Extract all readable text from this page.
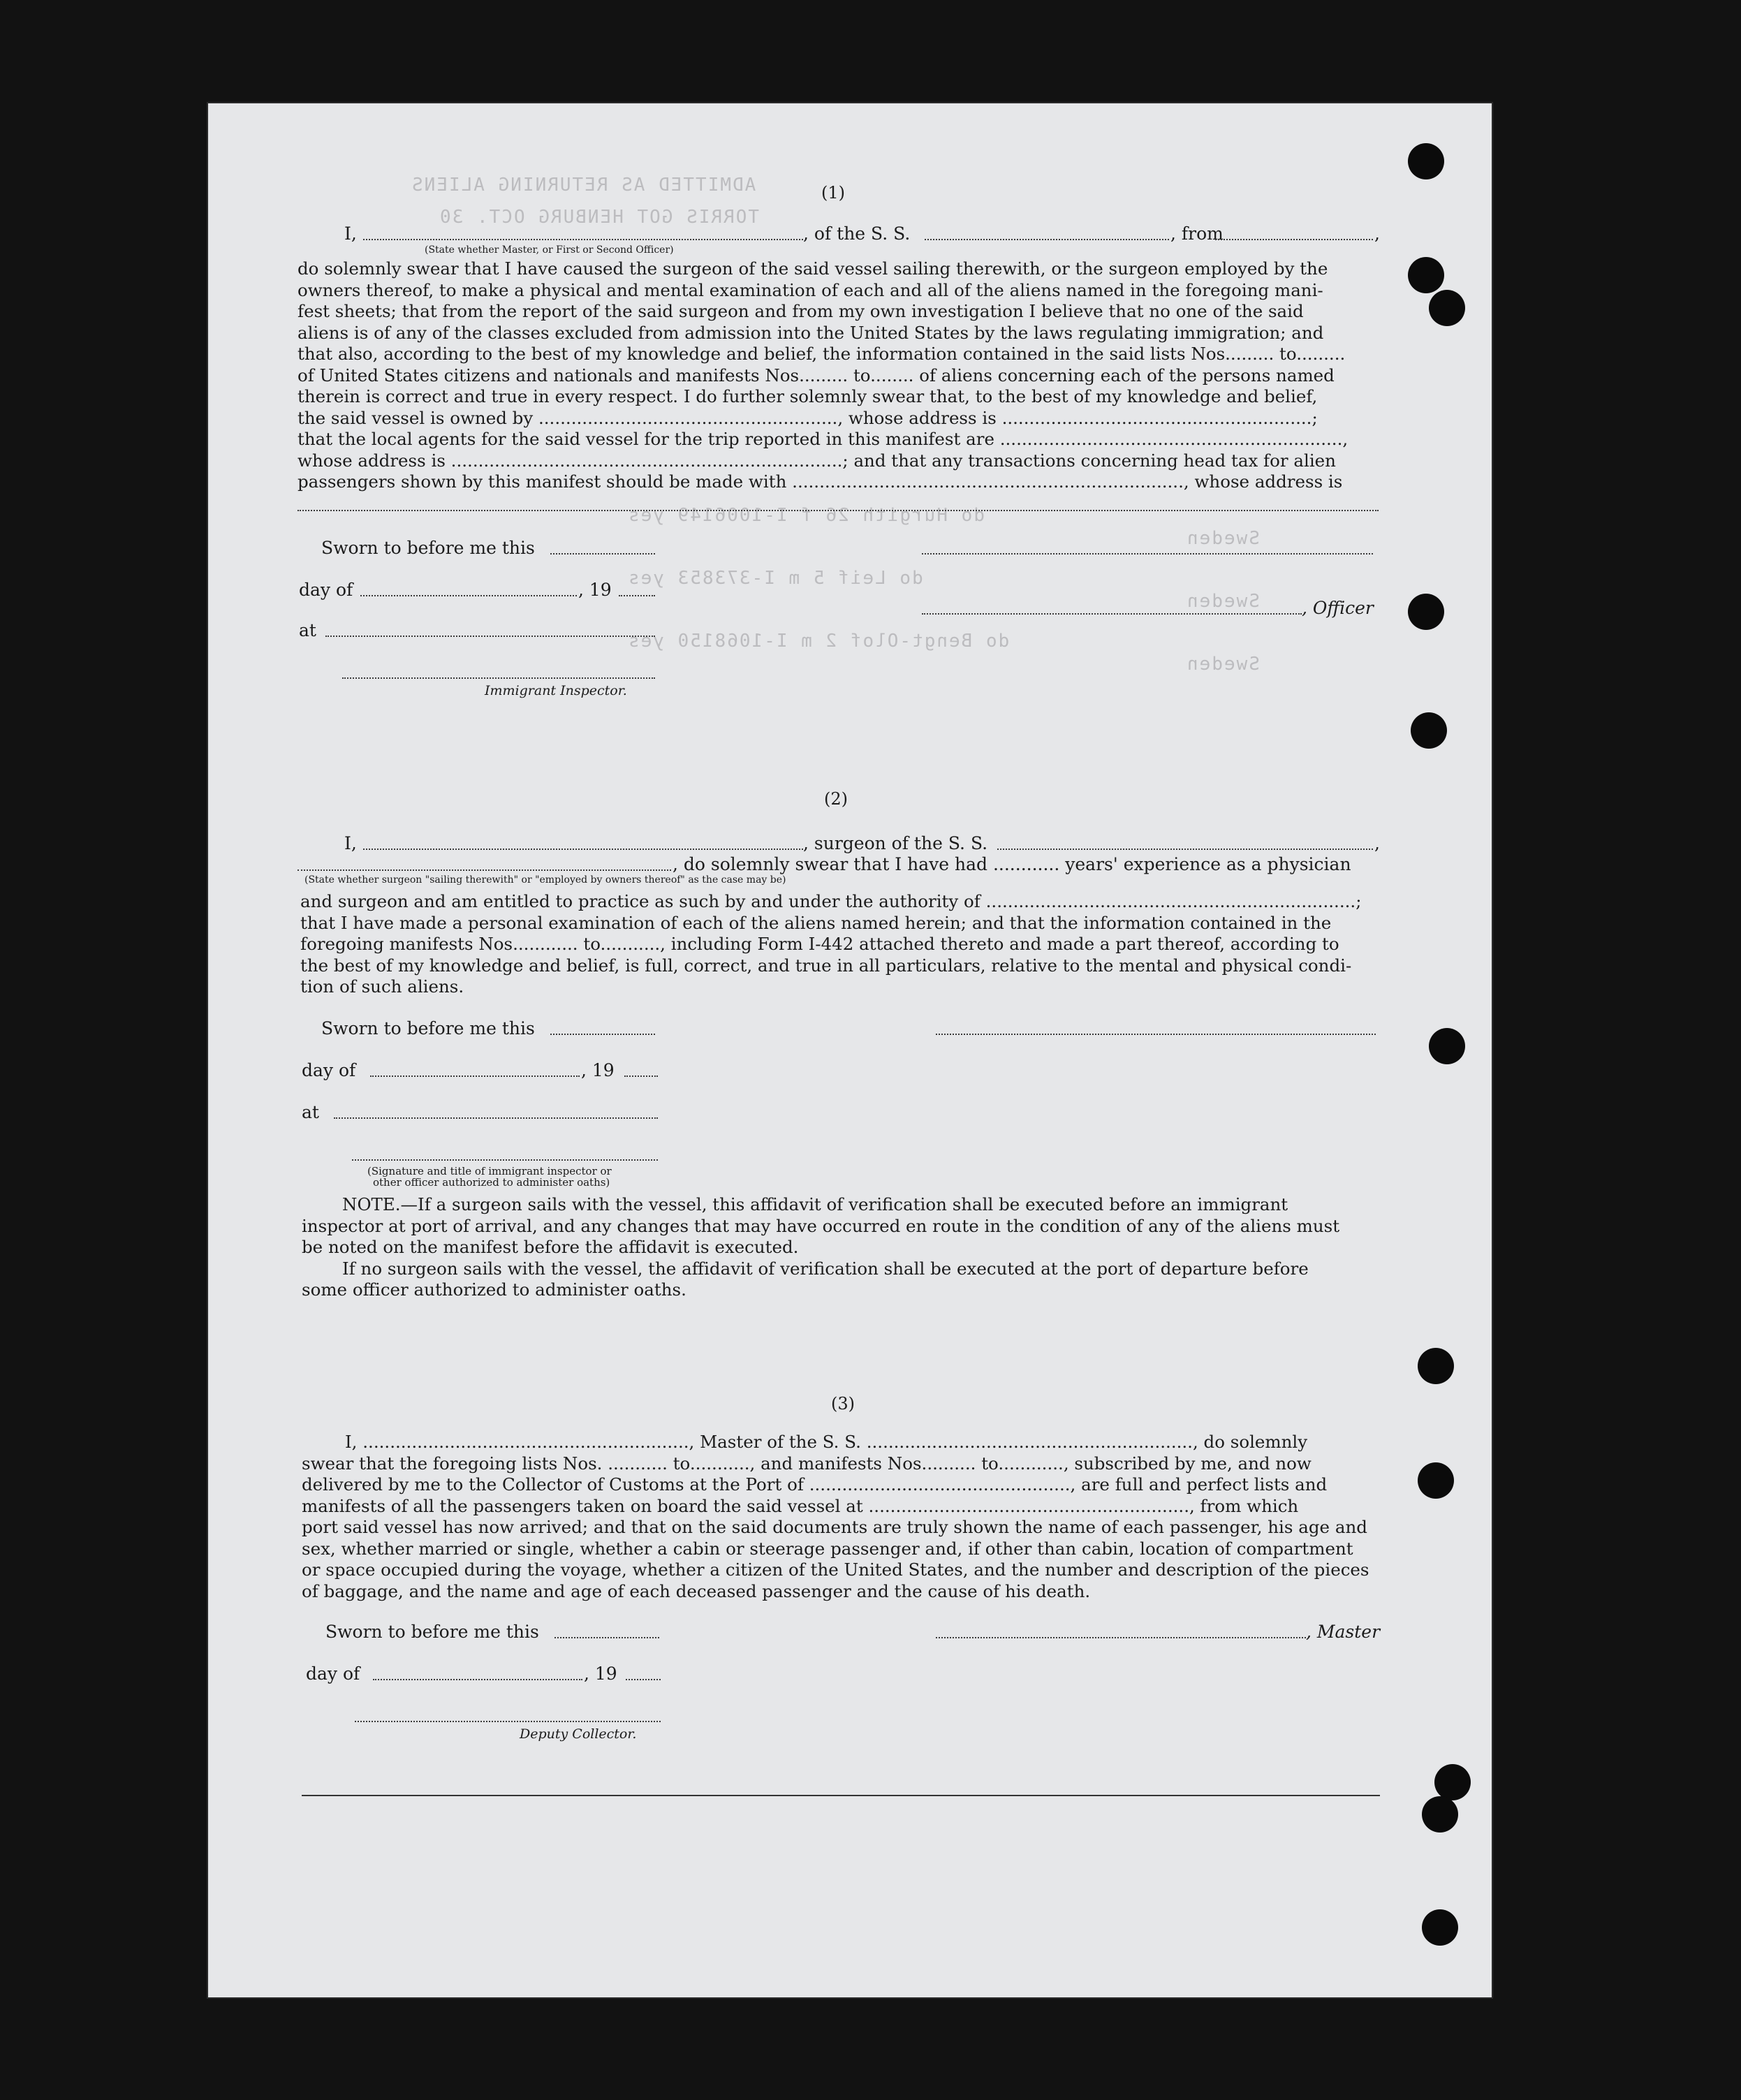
ADMITTED AS RETURNING ALIENS
TORRIS GOT HENBURG OCT. 30
do Hurgith 26 f I-1006149 yes
Sweden
do Leif 5 m I-373853 yes
Sweden
do Bengt-Olof 2 m I-1068150 yes
Sweden
(1)
I,	, of the S. S.	, from	,
(State whether Master, or First or Second Officer)

do solemnly swear that I have caused the surgeon of the said vessel sailing therewith, or the surgeon employed by the

owners thereof, to make a physical and mental examination of each and all of the aliens named in the foregoing mani-

fest sheets; that from the report of the said surgeon and from my own investigation I believe that no one of the said

aliens is of any of the classes excluded from admission into the United States by the laws regulating immigration; and

that also, according to the best of my knowledge and belief, the information contained in the said lists Nos......... to.........

of United States citizens and nationals and manifests Nos......... to........ of aliens concerning each of the persons named

therein is correct and true in every respect. I do further solemnly swear that, to the best of my knowledge and belief,

the said vessel is owned by ......................................................., whose address is .........................................................;

that the local agents for the said vessel for the trip reported in this manifest are ...............................................................,

whose address is ........................................................................; and that any transactions concerning head tax for alien

passengers shown by this manifest should be made with ........................................................................, whose address is

Sworn to before me this
day of	, 19
, Officer
at
Immigrant Inspector.
(2)
I,	, surgeon of the S. S.	,
, do solemnly swear that I have had ............ years' experience as a physician
(State whether surgeon "sailing therewith" or "employed by owners thereof" as the case may be)

and surgeon and am entitled to practice as such by and under the authority of ....................................................................;

that I have made a personal examination of each of the aliens named herein; and that the information contained in the

foregoing manifests Nos............ to..........., including Form I-442 attached thereto and made a part thereof, according to

the best of my knowledge and belief, is full, correct, and true in all particulars, relative to the mental and physical condi-

tion of such aliens.

Sworn to before me this
day of	, 19
at
(Signature and title of immigrant inspector or
other officer authorized to administer oaths)

NOTE.—If a surgeon sails with the vessel, this affidavit of verification shall be executed before an immigrant

inspector at port of arrival, and any changes that may have occurred en route in the condition of any of the aliens must

be noted on the manifest before the affidavit is executed.

If no surgeon sails with the vessel, the affidavit of verification shall be executed at the port of departure before

some officer authorized to administer oaths.

(3)

I, ............................................................, Master of the S. S. ............................................................, do solemnly

swear that the foregoing lists Nos. ........... to..........., and manifests Nos.......... to............, subscribed by me, and now

delivered by me to the Collector of Customs at the Port of ................................................, are full and perfect lists and

manifests of all the passengers taken on board the said vessel at ..........................................................., from which

port said vessel has now arrived; and that on the said documents are truly shown the name of each passenger, his age and

sex, whether married or single, whether a cabin or steerage passenger and, if other than cabin, location of compartment

or space occupied during the voyage, whether a citizen of the United States, and the number and description of the pieces

of baggage, and the name and age of each deceased passenger and the cause of his death.

Sworn to before me this	, Master
day of	, 19
Deputy Collector.
